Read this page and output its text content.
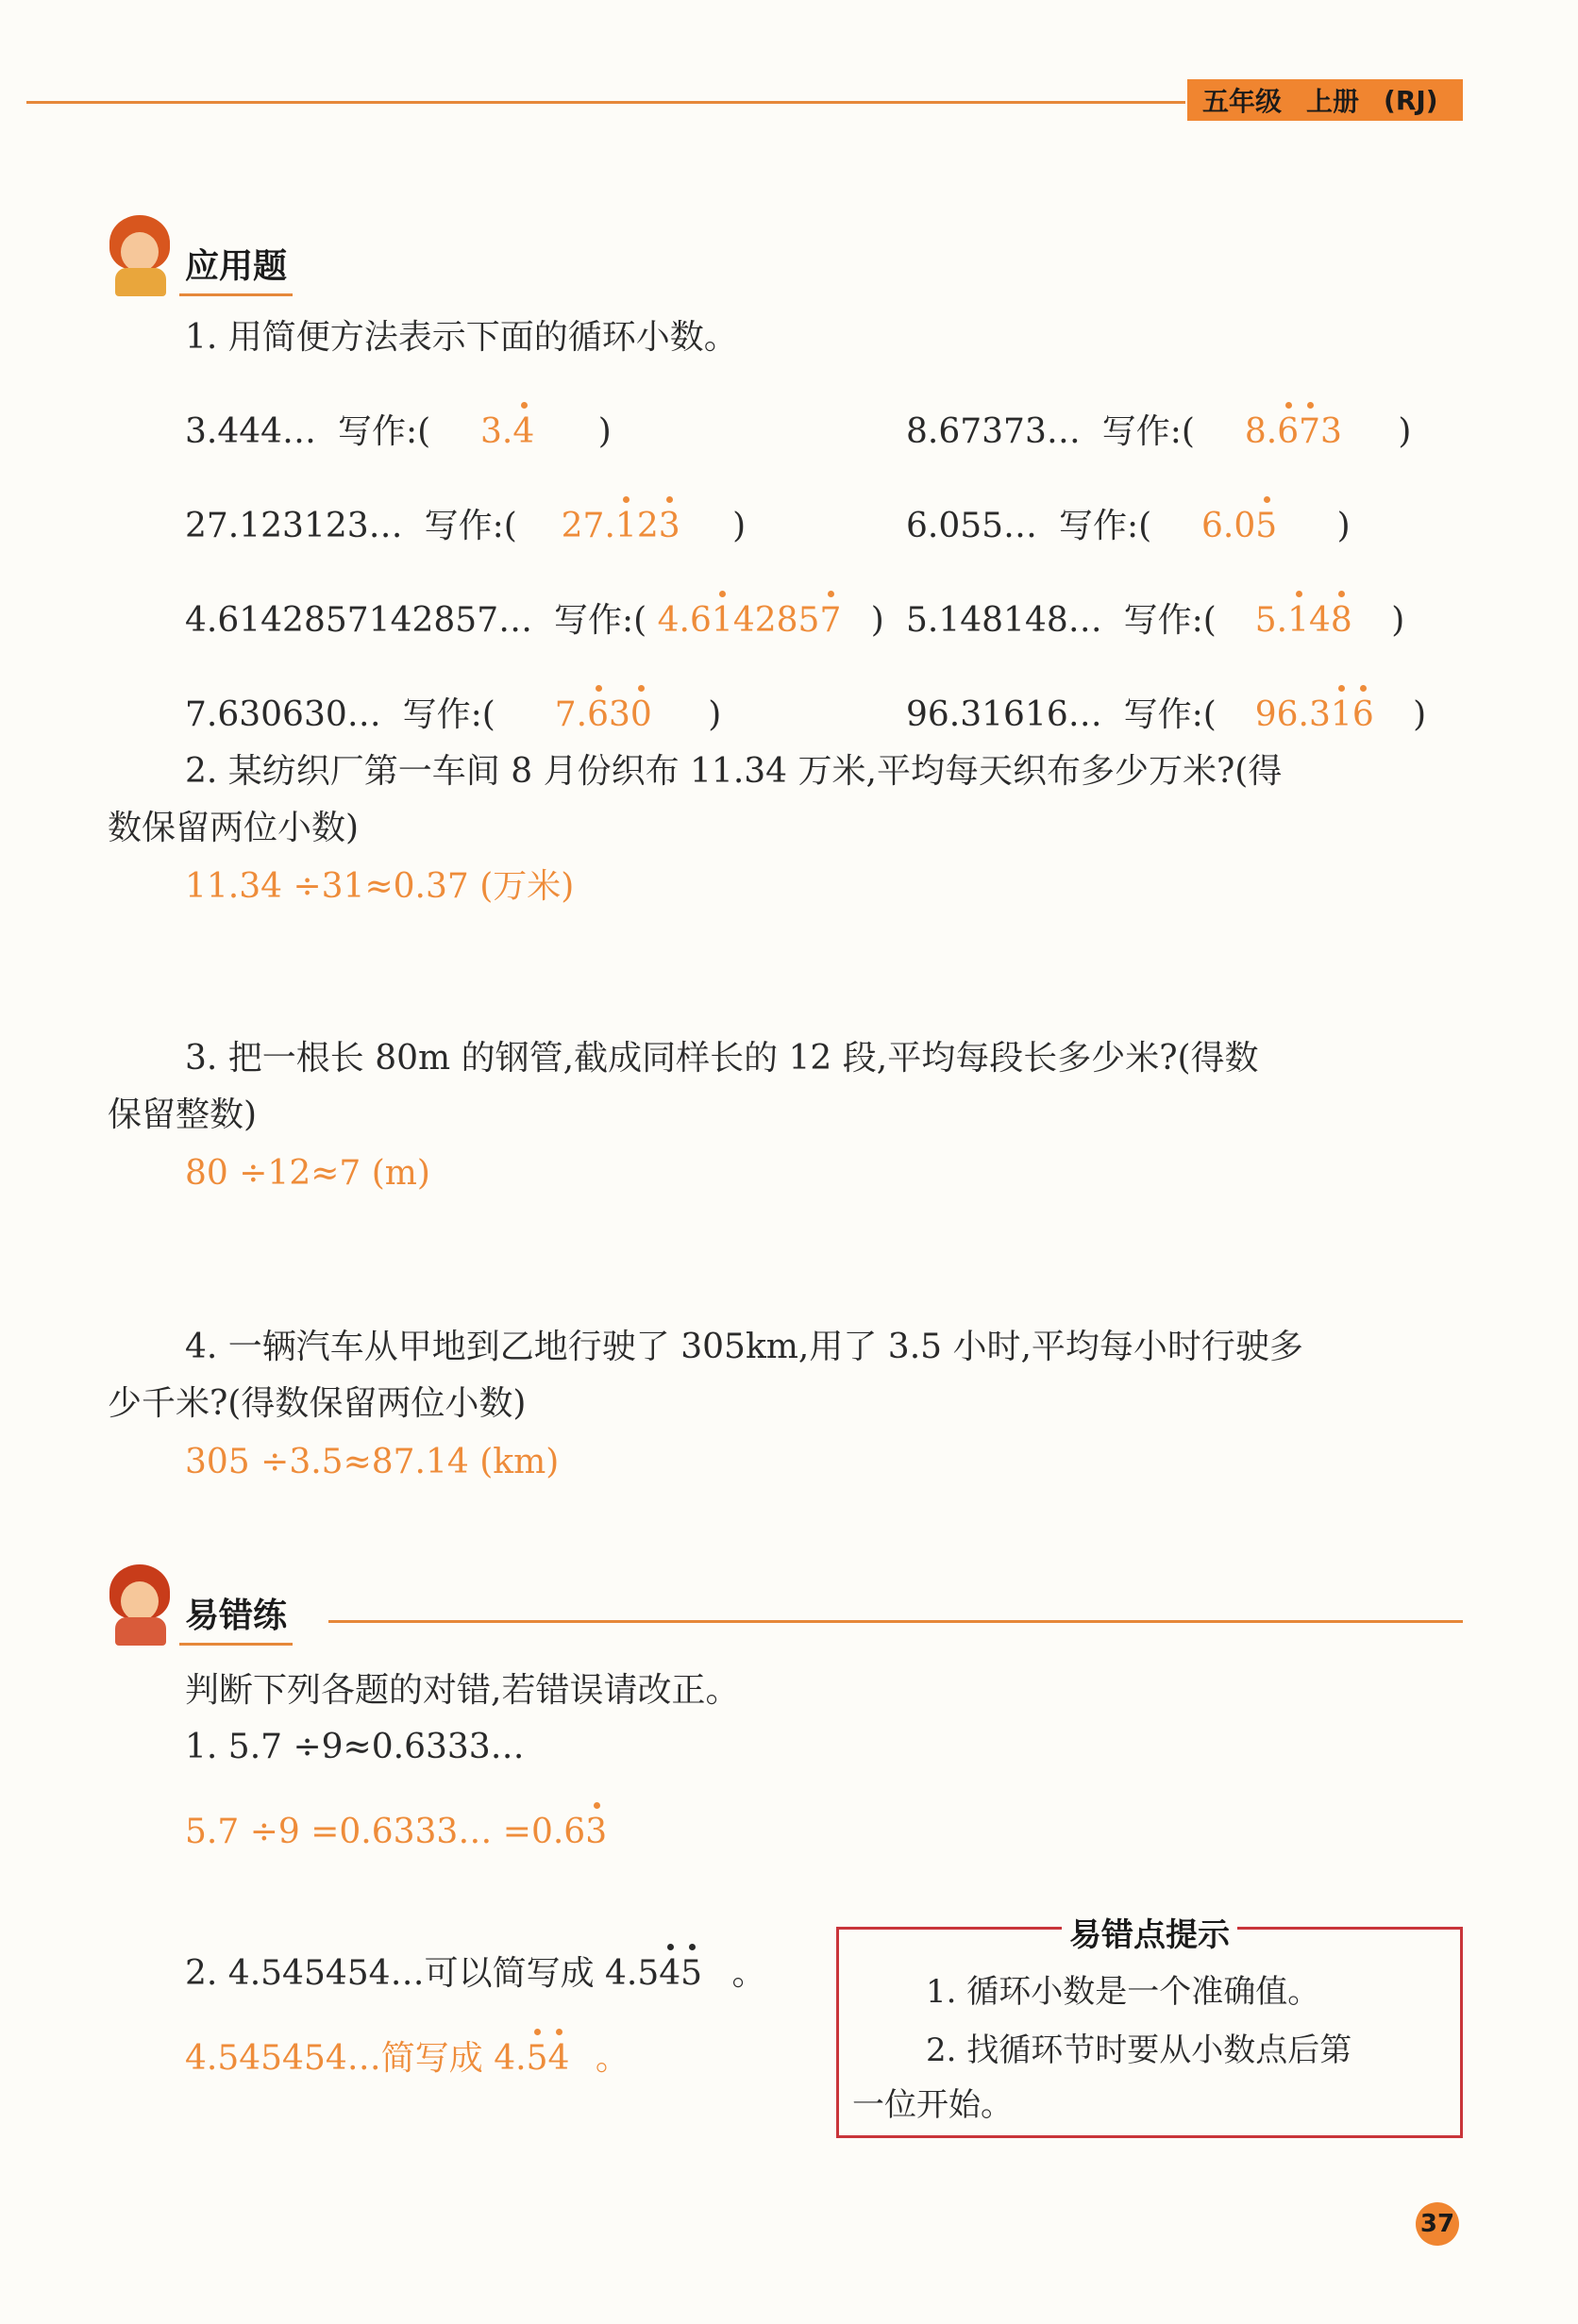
五年级 上册 (RJ)
应用题
1. 用简便方法表示下面的循环小数。
3.444… 写作:( 3.4 )	8.67373… 写作:( 8.673 )
27.123123… 写作:( 27.123 )	6.055… 写作:( 6.05 )
4.6142857142857… 写作:( 4.6142857 ) 5.148148… 写作:( 5.148 )
7.630630… 写作:( 7.630 )	96.31616… 写作:( 96.316 )
2. 某纺织厂第一车间 8 月份织布 11.34 万米,平均每天织布多少万米?(得
数保留两位小数)
11.34 ÷31≈0.37 (万米)
3. 把一根长 80m 的钢管,截成同样长的 12 段,平均每段长多少米?(得数
保留整数)
80 ÷12≈7 (m)
4. 一辆汽车从甲地到乙地行驶了 305km,用了 3.5 小时,平均每小时行驶多
少千米?(得数保留两位小数)
305 ÷3.5≈87.14 (km)
易错练
判断下列各题的对错,若错误请改正。
1. 5.7 ÷9≈0.6333…
5.7 ÷9 =0.6333… =0.63
2. 4.545454…可以简写成 4.545 。
4.545454…简写成 4.54 。
易错点提示
1. 循环小数是一个准确值。
2. 找循环节时要从小数点后第
一位开始。
37
